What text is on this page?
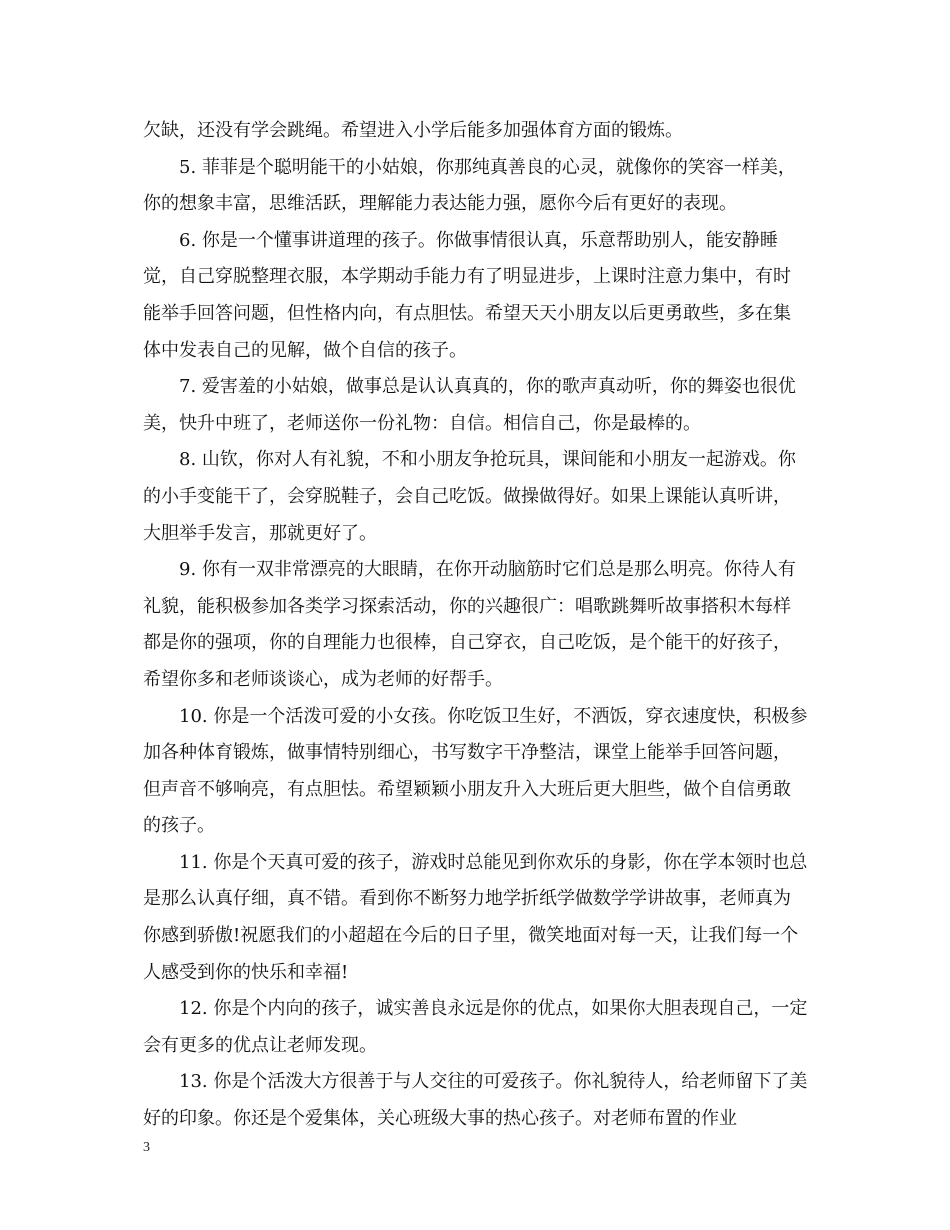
欠缺，还没有学会跳绳。希望进入小学后能多加强体育方面的锻炼。

5. 菲菲是个聪明能干的小姑娘，你那纯真善良的心灵，就像你的笑容一样美，你的想象丰富，思维活跃，理解能力表达能力强，愿你今后有更好的表现。

6. 你是一个懂事讲道理的孩子。你做事情很认真，乐意帮助别人，能安静睡觉，自己穿脱整理衣服，本学期动手能力有了明显进步，上课时注意力集中，有时能举手回答问题，但性格内向，有点胆怯。希望天天小朋友以后更勇敢些，多在集体中发表自己的见解，做个自信的孩子。

7. 爱害羞的小姑娘，做事总是认认真真的，你的歌声真动听，你的舞姿也很优美，快升中班了，老师送你一份礼物：自信。相信自己，你是最棒的。

8. 山钦，你对人有礼貌，不和小朋友争抢玩具，课间能和小朋友一起游戏。你的小手变能干了，会穿脱鞋子，会自己吃饭。做操做得好。如果上课能认真听讲，大胆举手发言，那就更好了。

9. 你有一双非常漂亮的大眼睛，在你开动脑筋时它们总是那么明亮。你待人有礼貌，能积极参加各类学习探索活动，你的兴趣很广：唱歌跳舞听故事搭积木每样都是你的强项，你的自理能力也很棒，自己穿衣，自己吃饭，是个能干的好孩子，希望你多和老师谈谈心，成为老师的好帮手。

10. 你是一个活泼可爱的小女孩。你吃饭卫生好，不洒饭，穿衣速度快，积极参加各种体育锻炼，做事情特别细心，书写数字干净整洁，课堂上能举手回答问题，但声音不够响亮，有点胆怯。希望颖颖小朋友升入大班后更大胆些，做个自信勇敢的孩子。

11. 你是个天真可爱的孩子，游戏时总能见到你欢乐的身影，你在学本领时也总是那么认真仔细，真不错。看到你不断努力地学折纸学做数学学讲故事，老师真为你感到骄傲!祝愿我们的小超超在今后的日子里，微笑地面对每一天，让我们每一个人感受到你的快乐和幸福!

12. 你是个内向的孩子，诚实善良永远是你的优点，如果你大胆表现自己，一定会有更多的优点让老师发现。

13. 你是个活泼大方很善于与人交往的可爱孩子。你礼貌待人，给老师留下了美好的印象。你还是个爱集体，关心班级大事的热心孩子。对老师布置的作业

3
